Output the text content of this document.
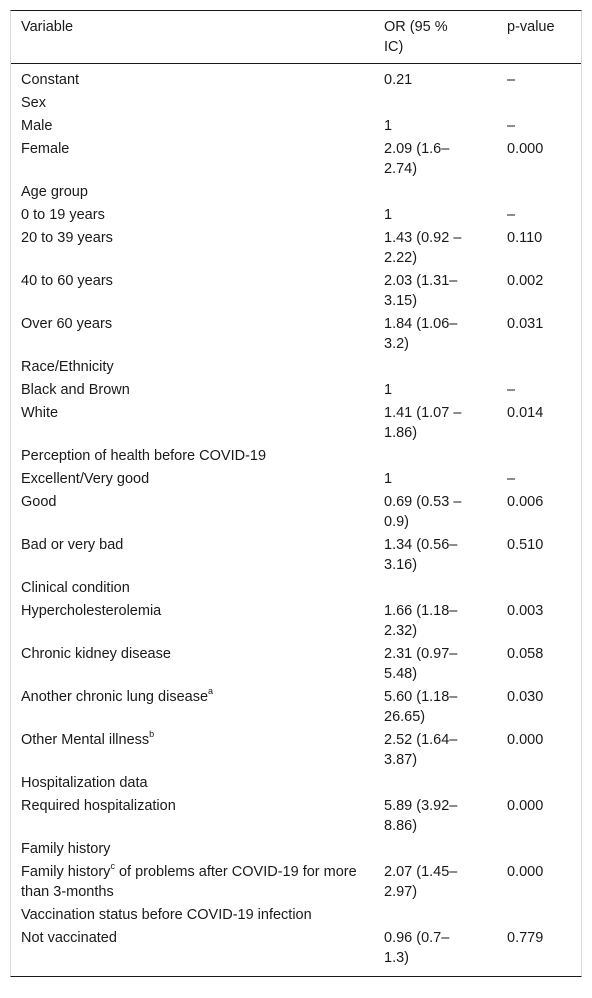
Variable	OR (95 % IC)	p-value
Constant	0.21	–
Sex		
Male	1	–
Female	2.09 (1.6–2.74)	0.000
Age group		
0 to 19 years	1	–
20 to 39 years	1.43 (0.92 –2.22)	0.110
40 to 60 years	2.03 (1.31–3.15)	0.002
Over 60 years	1.84 (1.06–3.2)	0.031
Race/Ethnicity		
Black and Brown	1	–
White	1.41 (1.07 –1.86)	0.014
Perception of health before COVID-19		
Excellent/Very good	1	–
Good	0.69 (0.53 –0.9)	0.006
Bad or very bad	1.34 (0.56–3.16)	0.510
Clinical condition		
Hypercholesterolemia	1.66 (1.18–2.32)	0.003
Chronic kidney disease	2.31 (0.97–5.48)	0.058
Another chronic lung disease$^a$	5.60 (1.18–26.65)	0.030
Other Mental illness$^b$	2.52 (1.64–3.87)	0.000
Hospitalization data		
Required hospitalization	5.89 (3.92–8.86)	0.000
Family history		
Family history$^c$ of problems after COVID-19 for more than 3-months	2.07 (1.45–2.97)	0.000
Vaccination status before COVID-19 infection		
Not vaccinated	0.96 (0.7–1.3)	0.779
